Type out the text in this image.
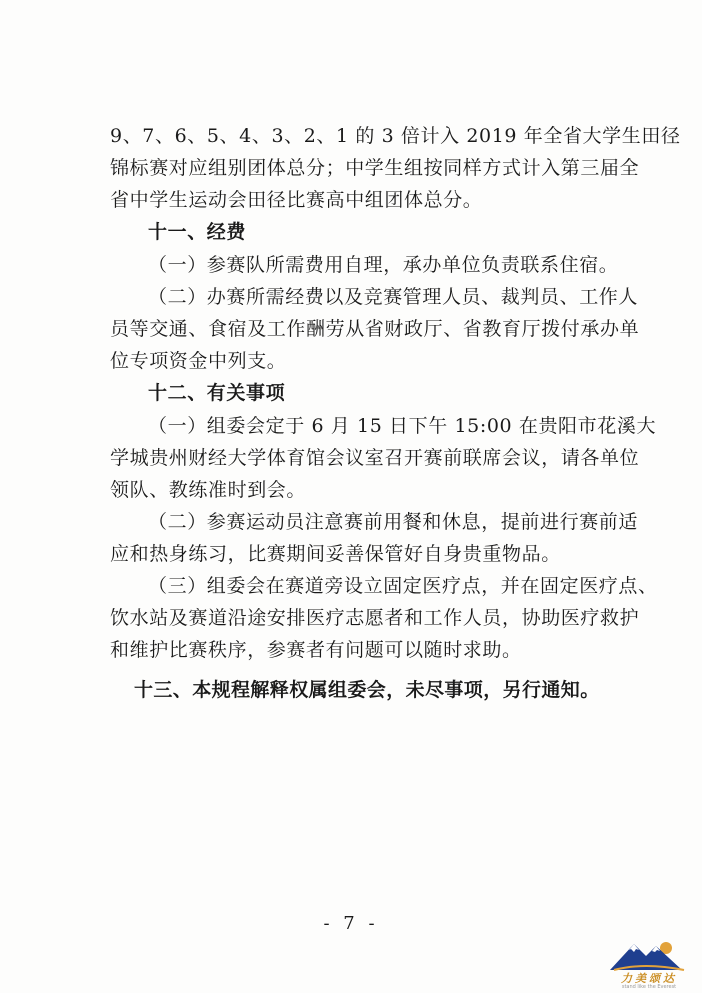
9、7、6、5、4、3、2、1 的 3 倍计入 2019 年全省大学生田径
锦标赛对应组别团体总分；中学生组按同样方式计入第三届全
省中学生运动会田径比赛高中组团体总分。
十一、经费
（一）参赛队所需费用自理，承办单位负责联系住宿。
（二）办赛所需经费以及竞赛管理人员、裁判员、工作人
员等交通、食宿及工作酬劳从省财政厅、省教育厅拨付承办单
位专项资金中列支。
十二、有关事项
（一）组委会定于 6 月 15 日下午 15:00 在贵阳市花溪大
学城贵州财经大学体育馆会议室召开赛前联席会议，请各单位
领队、教练准时到会。
（二）参赛运动员注意赛前用餐和休息，提前进行赛前适
应和热身练习，比赛期间妥善保管好自身贵重物品。
（三）组委会在赛道旁设立固定医疗点，并在固定医疗点、
饮水站及赛道沿途安排医疗志愿者和工作人员，协助医疗救护
和维护比赛秩序，参赛者有问题可以随时求助。
十三、本规程解释权属组委会，未尽事项，另行通知。
- 7 -
力美颂达
stand like the Everest
